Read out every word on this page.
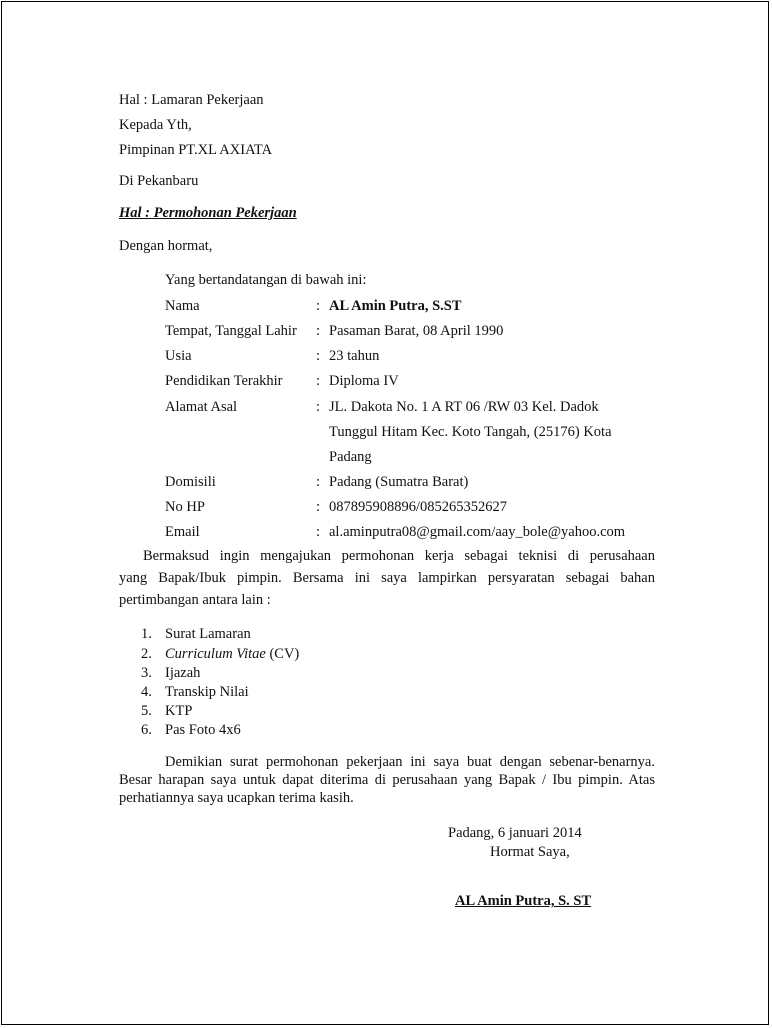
Hal : Lamaran Pekerjaan
Kepada Yth,
Pimpinan PT.XL AXIATA
Di Pekanbaru
Hal : Permohonan Pekerjaan
Dengan hormat,
Yang bertandatangan di bawah ini:
Nama	: AL Amin Putra, S.ST
Tempat, Tanggal Lahir : Pasaman Barat, 08 April 1990
Usia	: 23 tahun
Pendidikan Terakhir : Diploma IV
Alamat Asal	: JL. Dakota No. 1 A RT 06 /RW 03 Kel. Dadok
Tunggul Hitam Kec. Koto Tangah, (25176) Kota
Padang
Domisili	: Padang (Sumatra Barat)
No HP	: 087895908896/085265352627
Email	: al.aminputra08@gmail.com/aay_bole@yahoo.com
Bermaksud ingin mengajukan permohonan kerja sebagai teknisi di perusahaan
yang Bapak/Ibuk pimpin. Bersama ini saya lampirkan persyaratan sebagai bahan
pertimbangan antara lain :
1. Surat Lamaran
2. Curriculum Vitae (CV)
3. Ijazah
4. Transkip Nilai
5. KTP
6. Pas Foto 4x6
Demikian surat permohonan pekerjaan ini saya buat dengan sebenar-benarnya.
Besar harapan saya untuk dapat diterima di perusahaan yang Bapak / Ibu pimpin. Atas
perhatiannya saya ucapkan terima kasih.
Padang, 6 januari 2014
Hormat Saya,
AL Amin Putra, S. ST
